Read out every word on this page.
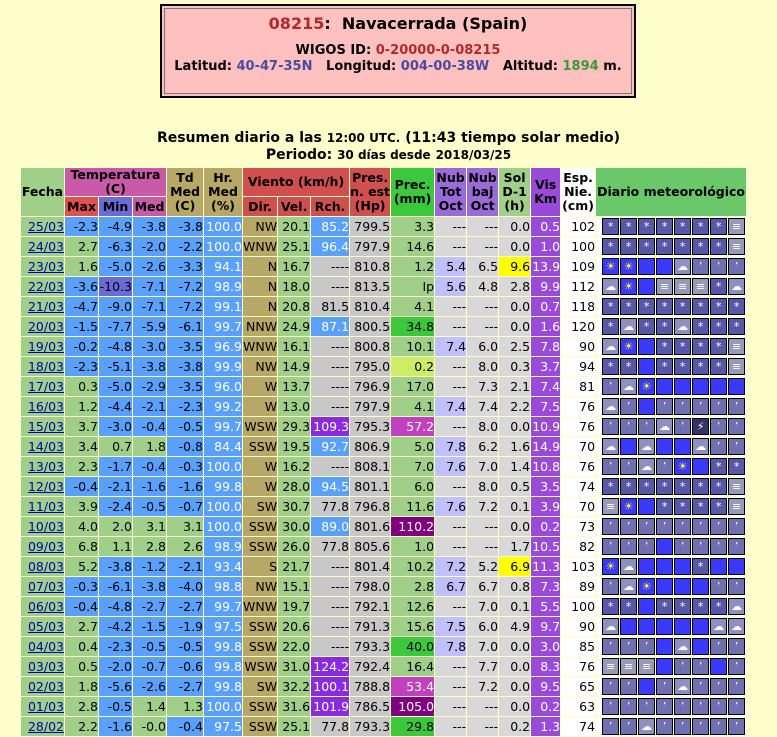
08215:  Navacerrada (Spain)
WIGOS ID: 0-20000-0-08215
Latitud: 40-47-35N Longitud: 004-00-38W Altitud: 1894 m.
Resumen diario a las 12:00 UTC. (11:43 tiempo solar medio)
Periodo: 30 días desde 2018/03/25
Fecha	Temperatura (C)			Td Med (C)	Hr. Med (%)	Viento (km/h)			Pres. n. est (Hp)	Prec. (mm)	Nub Tot Oct	Nub baj Oct	Sol D-1 (h)	Vis Km	Esp. Nie. (cm)	Diario meteorológico
	Max	Min	Med			Dir.	Vel.	Rch.								
25/03	-2.3	-4.9	-3.8	-3.8	100.0	NW	20.1	85.2	799.5	3.3	---	---	0.0	0.5	102	* * * * * * * ≡
24/03	2.7	-6.3	-2.0	-2.2	100.0	WNW	25.1	96.4	797.9	14.6	---	---	0.0	1.0	100	* * * * * * * ≡
23/03	1.6	-5.0	-2.6	-3.3	94.1	N	16.7	----	810.8	1.2	5.4	6.5	9.6	13.9	109	☀ ☀ ☁ ʼ ʼ ʼ
22/03	-3.6	-10.3	-7.1	-7.2	98.9	N	18.0	----	813.5	Ip	5.6	4.8	2.8	9.9	112	☁ ☀ ≡ ≡ ≡ * ☁
21/03	-4.7	-9.0	-7.1	-7.2	99.1	N	20.8	81.5	810.4	4.1	---	---	0.0	0.7	118	* * * * * * * *
20/03	-1.5	-7.7	-5.9	-6.1	99.7	NNW	24.9	87.1	800.5	34.8	---	---	0.0	1.6	120	* ☁ * * ☁ * * *
19/03	-0.2	-4.8	-3.0	-3.5	96.9	WNW	16.1	----	800.8	10.1	7.4	6.0	2.5	7.8	90	☁ ☀ * * * * ≡
18/03	-2.3	-5.1	-3.8	-3.8	99.9	NW	14.9	----	795.0	0.2	---	8.0	0.3	3.7	94	* * * * * * ≡
17/03	0.3	-5.0	-2.9	-3.5	96.0	W	13.7	----	796.9	17.0	---	7.3	2.1	7.4	81	ʼ ☁ ☀
16/03	1.2	-4.4	-2.1	-2.3	99.2	W	13.0	----	797.9	4.1	7.4	7.4	2.2	7.5	76	☁ ʼ ʼ ʼ ʼ ʼ ʼ
15/03	3.7	-3.0	-0.4	-0.5	99.7	WSW	29.3	109.3	795.3	57.2	---	8.0	0.0	10.9	76	ʼ ʼ ʼ ☁ ʼ ⚡ ʼ ʼ
14/03	3.4	0.7	1.8	-0.8	84.4	SSW	19.5	92.7	806.9	5.0	7.8	6.2	1.6	14.9	70	☁ ☁ ☁ ʼ ʼ
13/03	2.3	-1.7	-0.4	-0.3	100.0	W	16.2	----	808.1	7.0	7.6	7.0	1.4	10.8	76	ʼ ʼ ☁ ʼ ☀ * *
12/03	-0.4	-2.1	-1.6	-1.6	99.8	W	28.0	94.5	801.1	6.0	---	8.0	0.5	3.5	74	* * * * * * * ≡
11/03	3.9	-2.4	-0.5	-0.7	100.0	SW	30.7	77.8	796.8	11.6	7.6	7.2	0.1	3.9	70	≡ ☀ * * * * ≡
10/03	4.0	2.0	3.1	3.1	100.0	SSW	30.0	89.0	801.6	110.2	---	---	0.0	0.2	73	ʼ ʼ ʼ ʼ ʼ ʼ ʼ ʼ
09/03	6.8	1.1	2.8	2.6	98.9	SSW	26.0	77.8	805.6	1.0	---	---	1.7	10.5	82	ʼ ʼ ʼ ʼ ʼ ʼ ʼ
08/03	5.2	-3.8	-1.2	-2.1	93.4	S	21.7	----	801.4	10.2	7.2	5.2	6.9	11.3	103	☀ ☁ *
07/03	-0.3	-6.1	-3.8	-4.0	98.8	NW	15.1	----	798.0	2.8	6.7	6.7	0.8	7.3	89	ʼ ☁ ☀ ʼ ʼ
06/03	-0.4	-4.8	-2.7	-2.7	99.7	WNW	19.7	----	792.1	12.6	---	7.0	0.1	5.5	100	* * * * * * ☁
05/03	2.7	-4.2	-1.5	-1.9	97.5	SSW	20.6	----	791.3	15.6	7.5	6.0	4.9	9.7	90	☁ ☁ ☁
04/03	0.4	-2.3	-0.5	-0.5	99.8	SSW	22.0	----	793.3	40.0	7.8	7.0	0.0	3.0	85	ʼ ʼ ʼ ☁ ʼ ʼ
03/03	0.5	-2.0	-0.7	-0.6	99.8	WSW	31.0	124.2	792.4	16.4	---	7.7	0.0	8.3	76	≡ ≡ ≡ ʼ ʼ ʼ
02/03	1.8	-5.6	-2.6	-2.7	99.8	SW	32.2	100.1	788.8	53.4	---	7.2	0.0	9.5	65	ʼ ʼ ʼ ☁ ʼ ʼ ʼ
01/03	2.8	-0.5	1.4	1.3	100.0	SSW	31.6	101.9	786.5	105.0	---	---	0.0	0.2	63	ʼ ʼ ʼ ʼ ʼ ʼ ʼ ʼ
28/02	2.2	-1.6	-0.0	-0.4	97.5	SSW	25.1	77.8	793.3	29.8	---	---	0.2	1.3	74	ʼ ʼ ☁ ʼ ʼ ʼ ʼ ʼ
